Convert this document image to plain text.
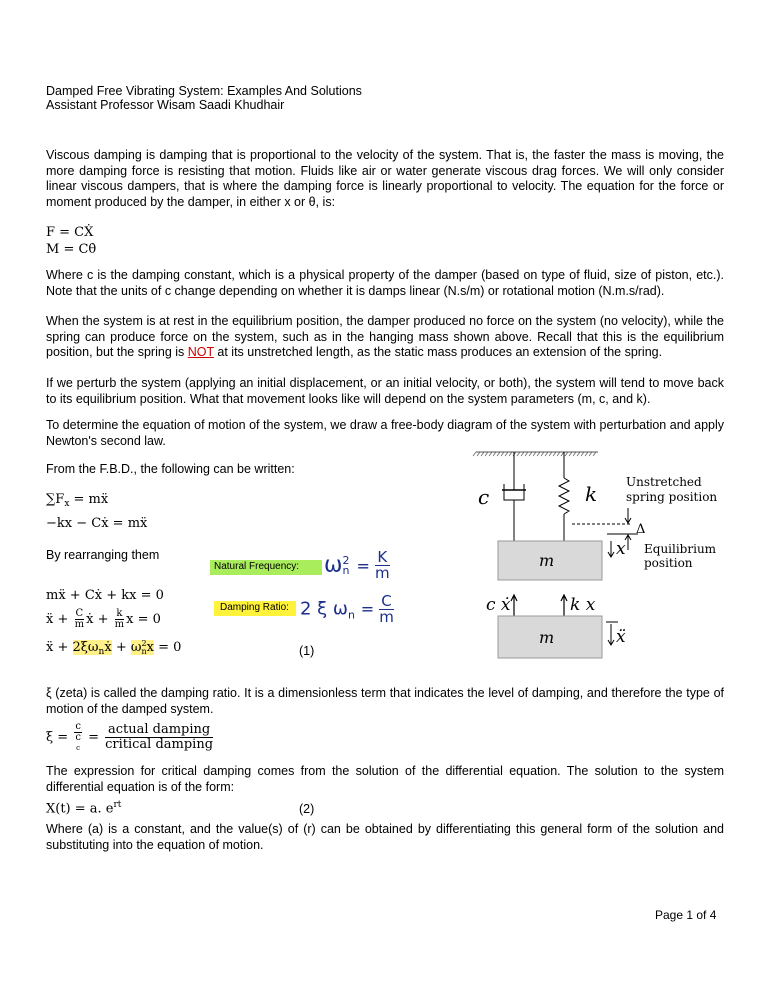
Damped Free Vibrating System: Examples And Solutions
Assistant Professor Wisam Saadi Khudhair
Viscous damping is damping that is proportional to the velocity of the system. That is, the faster the mass is moving, the more damping force is resisting that motion. Fluids like air or water generate viscous drag forces. We will only consider linear viscous dampers, that is where the damping force is linearly proportional to velocity. The equation for the force or moment produced by the damper, in either x or θ, is:
F = CẊ
M = Cθ̇
Where c is the damping constant, which is a physical property of the damper (based on type of fluid, size of piston, etc.). Note that the units of c change depending on whether it is damps linear (N.s/m) or rotational motion (N.m.s/rad).
When the system is at rest in the equilibrium position, the damper produced no force on the system (no velocity), while the spring can produce force on the system, such as in the hanging mass shown above. Recall that this is the equilibrium position, but the spring is NOT at its unstretched length, as the static mass produces an extension of the spring.
If we perturb the system (applying an initial displacement, or an initial velocity, or both), the system will tend to move back to its equilibrium position. What that movement looks like will depend on the system parameters (m, c, and k).
To determine the equation of motion of the system, we draw a free-body diagram of the system with perturbation and apply Newton's second law.
From the F.B.D., the following can be written:
$\sum F_x$ = mẍ
−kx − Cẋ = mẍ
By rearranging them
mẍ + Cẋ + kx = 0
ẍ + $\frac{C}{m}$ ẋ + $\frac{k}{m}$ x = 0
ẍ + $2\xi\omega_nẋ + \omega$ 2
n x = 0	(1)
Natural Frequency: ω 2
$n = \frac{K}{m}$
Damping Ratio: 2 ξ $\omega_n = \frac{C}{m}$
c	k Unstretched
spring position
Δ
Equilibrium
position
x
m
c ẋ	k x
m	ẍ
ξ (zeta) is called the damping ratio. It is a dimensionless term that indicates the level of damping, and therefore the type of motion of the damped system.
ξ = c
c
$c = \frac{\text{actual damping}}{\text{critical damping}}$
The expression for critical damping comes from the solution of the differential equation. The solution to the system differential equation is of the form:
X(t) = a. $e^{rt}$	(2)
Where (a) is a constant, and the value(s) of (r) can be obtained by differentiating this general form of the solution and substituting into the equation of motion.
Page 1 of 4
